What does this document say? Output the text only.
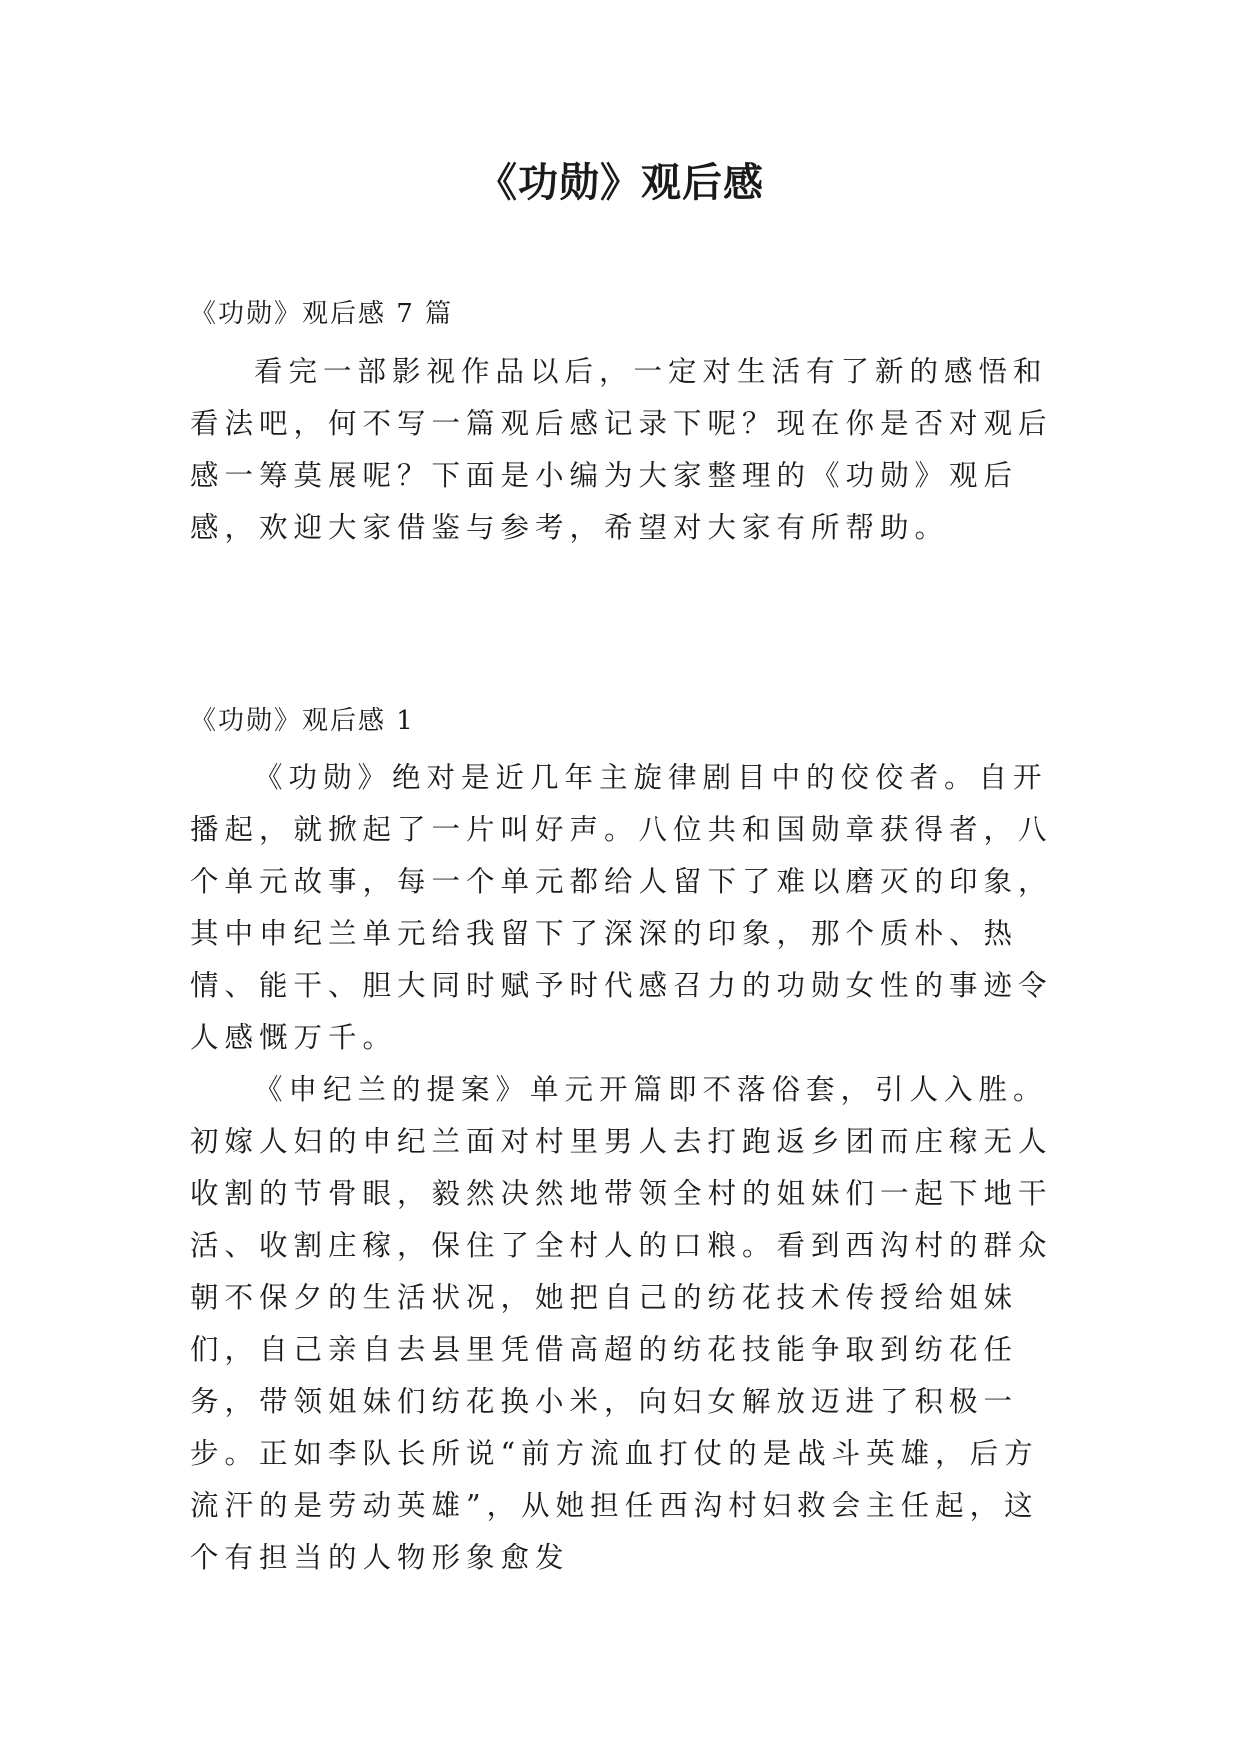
《功勋》观后感
《功勋》观后感 7 篇

看完一部影视作品以后，一定对生活有了新的感悟和看法吧，何不写一篇观后感记录下呢？现在你是否对观后感一筹莫展呢？下面是小编为大家整理的《功勋》观后感，欢迎大家借鉴与参考，希望对大家有所帮助。

《功勋》观后感 1

《功勋》绝对是近几年主旋律剧目中的佼佼者。自开播起，就掀起了一片叫好声。八位共和国勋章获得者，八个单元故事，每一个单元都给人留下了难以磨灭的印象，其中申纪兰单元给我留下了深深的印象，那个质朴、热情、能干、胆大同时赋予时代感召力的功勋女性的事迹令人感慨万千。

《申纪兰的提案》单元开篇即不落俗套，引人入胜。初嫁人妇的申纪兰面对村里男人去打跑返乡团而庄稼无人收割的节骨眼，毅然决然地带领全村的姐妹们一起下地干活、收割庄稼，保住了全村人的口粮。看到西沟村的群众朝不保夕的生活状况，她把自己的纺花技术传授给姐妹们，自己亲自去县里凭借高超的纺花技能争取到纺花任务，带领姐妹们纺花换小米，向妇女解放迈进了积极一步。正如李队长所说“前方流血打仗的是战斗英雄，后方流汗的是劳动英雄”，从她担任西沟村妇救会主任起，这个有担当的人物形象愈发
